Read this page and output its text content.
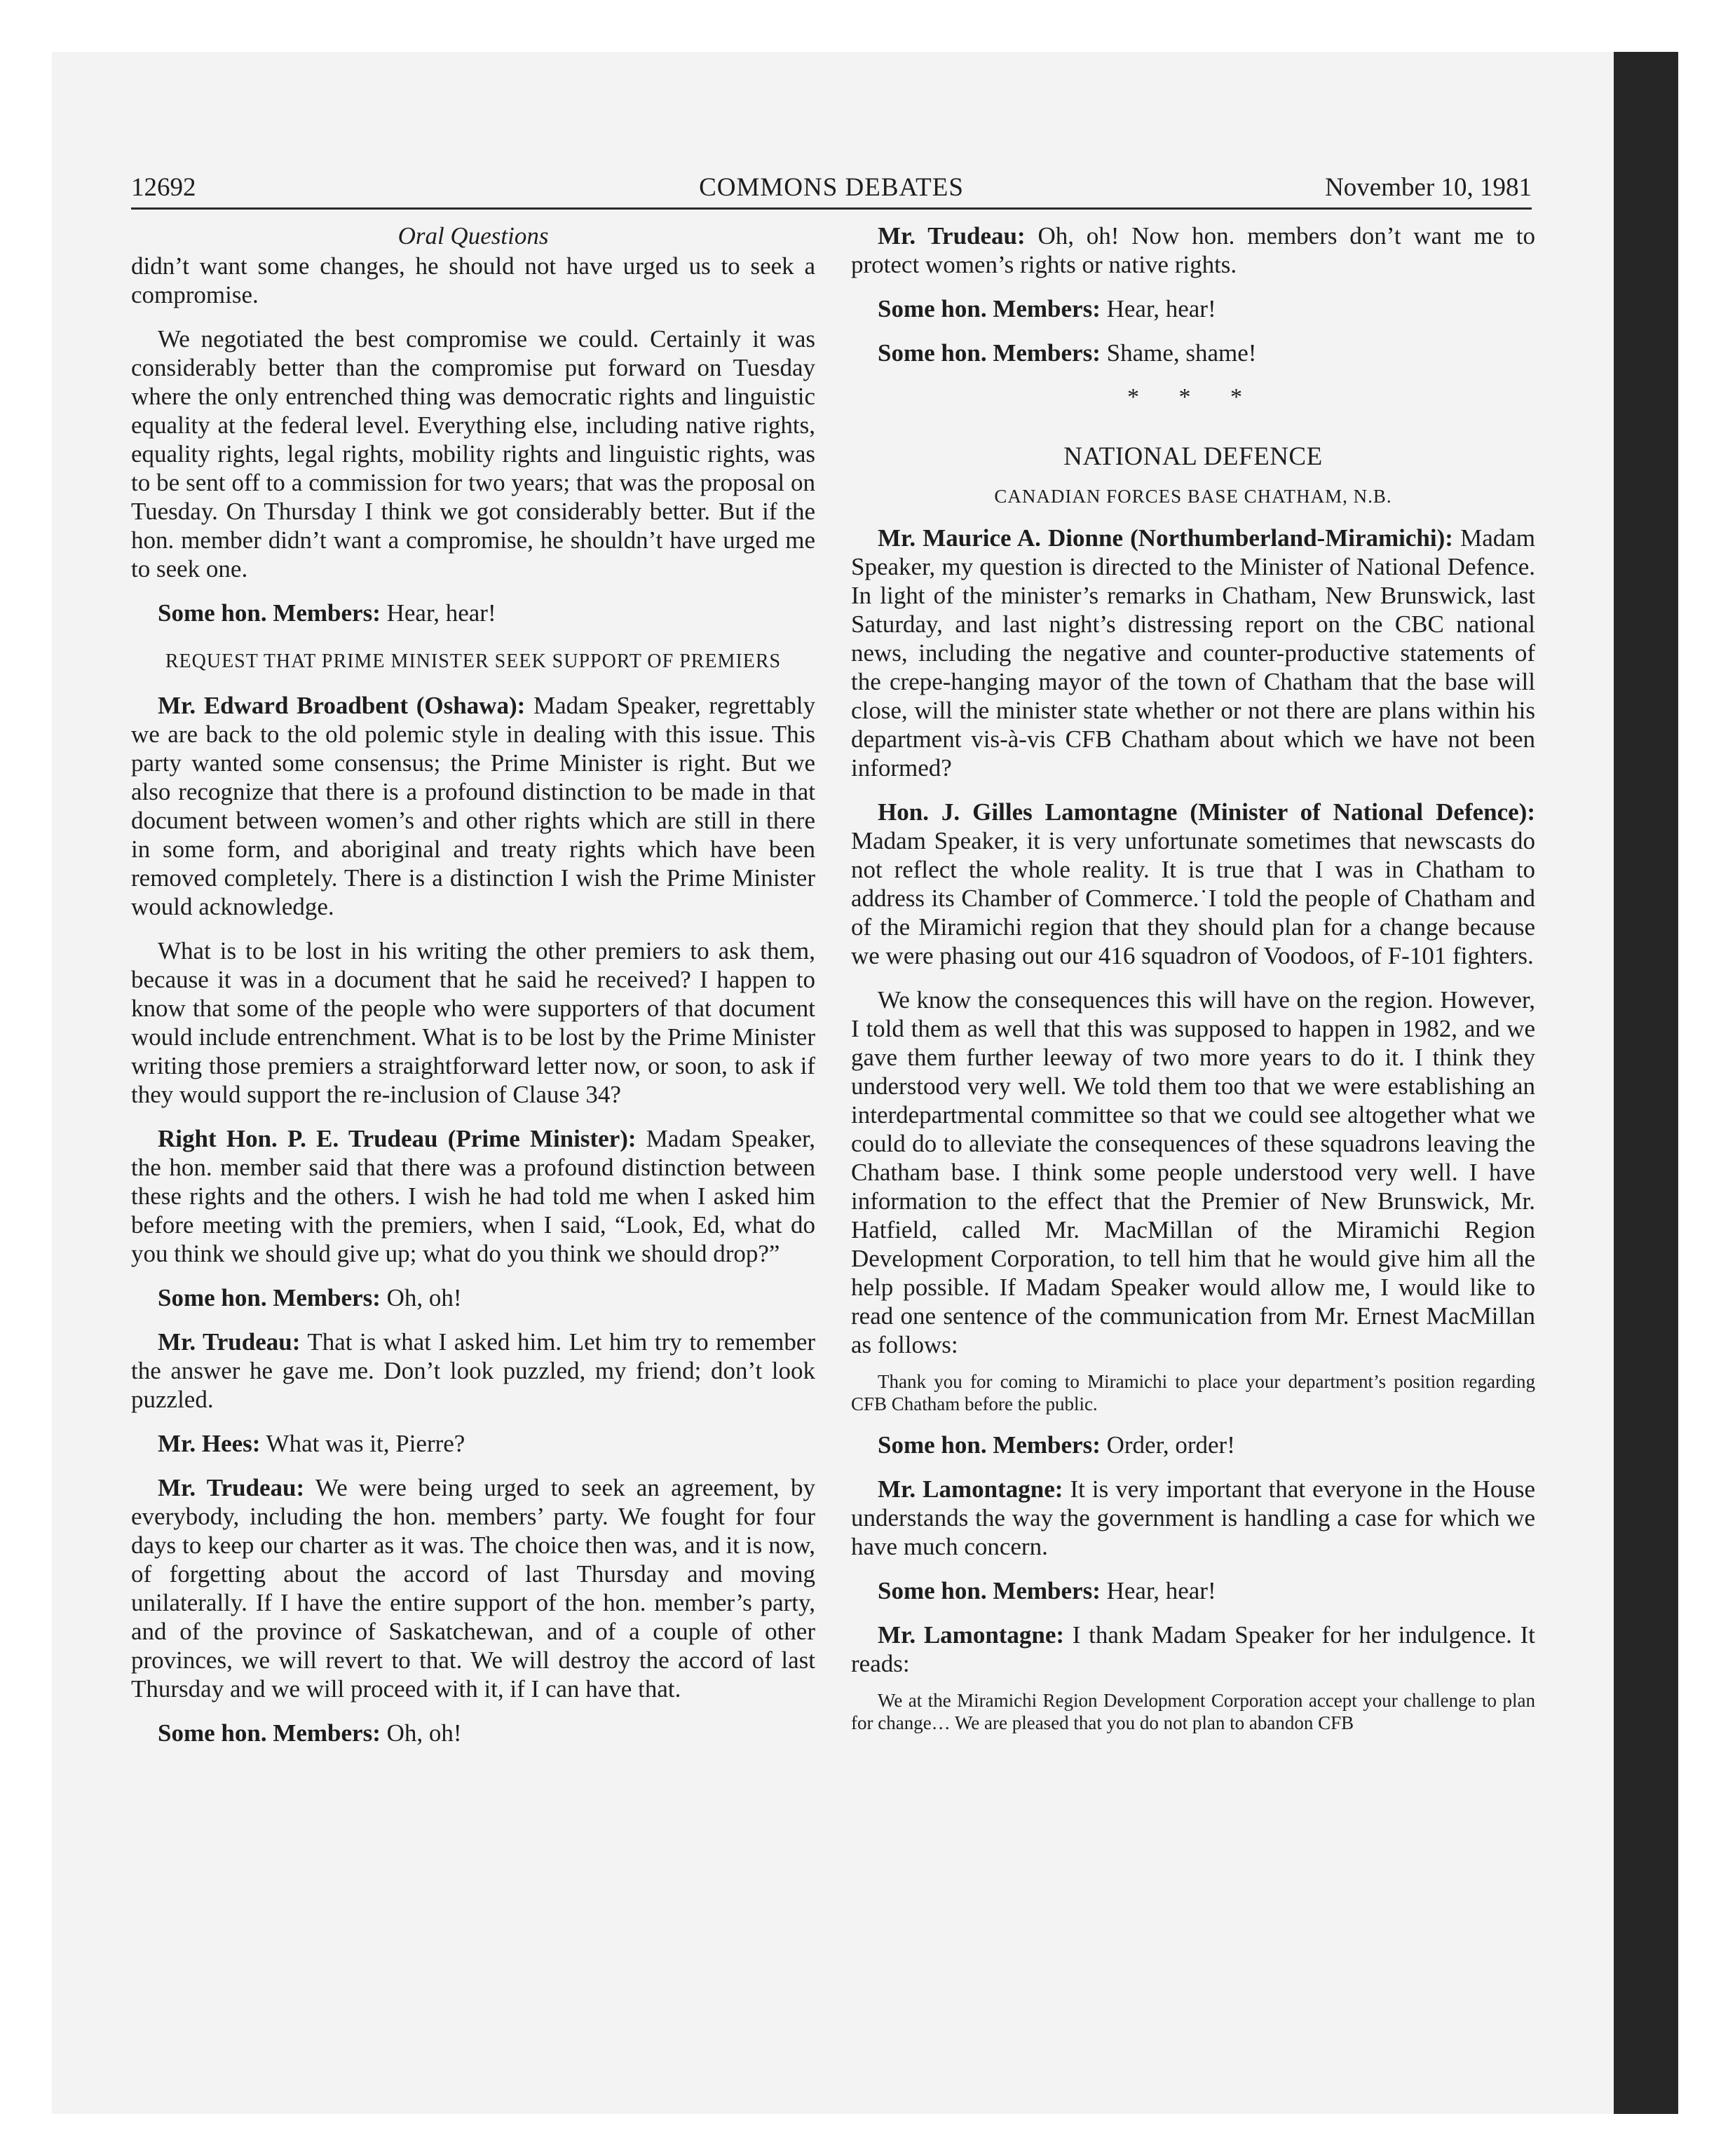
12692	COMMONS DEBATES	November 10, 1981
Oral Questions

didn’t want some changes, he should not have urged us to seek a compromise.

We negotiated the best compromise we could. Certainly it was considerably better than the compromise put forward on Tuesday where the only entrenched thing was democratic rights and linguistic equality at the federal level. Everything else, including native rights, equality rights, legal rights, mobility rights and linguistic rights, was to be sent off to a commission for two years; that was the proposal on Tuesday. On Thursday I think we got considerably better. But if the hon. member didn’t want a compromise, he shouldn’t have urged me to seek one.

Some hon. Members: Hear, hear!

REQUEST THAT PRIME MINISTER SEEK SUPPORT OF PREMIERS

Mr. Edward Broadbent (Oshawa): Madam Speaker, regrettably we are back to the old polemic style in dealing with this issue. This party wanted some consensus; the Prime Minister is right. But we also recognize that there is a profound distinction to be made in that document between women’s and other rights which are still in there in some form, and aboriginal and treaty rights which have been removed completely. There is a distinction I wish the Prime Minister would acknowledge.

What is to be lost in his writing the other premiers to ask them, because it was in a document that he said he received? I happen to know that some of the people who were supporters of that document would include entrenchment. What is to be lost by the Prime Minister writing those premiers a straightforward letter now, or soon, to ask if they would support the re-inclusion of Clause 34?

Right Hon. P. E. Trudeau (Prime Minister): Madam Speaker, the hon. member said that there was a profound distinction between these rights and the others. I wish he had told me when I asked him before meeting with the premiers, when I said, “Look, Ed, what do you think we should give up; what do you think we should drop?”

Some hon. Members: Oh, oh!

Mr. Trudeau: That is what I asked him. Let him try to remember the answer he gave me. Don’t look puzzled, my friend; don’t look puzzled.

Mr. Hees: What was it, Pierre?

Mr. Trudeau: We were being urged to seek an agreement, by everybody, including the hon. members’ party. We fought for four days to keep our charter as it was. The choice then was, and it is now, of forgetting about the accord of last Thursday and moving unilaterally. If I have the entire support of the hon. member’s party, and of the province of Saskatchewan, and of a couple of other provinces, we will revert to that. We will destroy the accord of last Thursday and we will proceed with it, if I can have that.

Some hon. Members: Oh, oh!

Mr. Trudeau: Oh, oh! Now hon. members don’t want me to protect women’s rights or native rights.

Some hon. Members: Hear, hear!

Some hon. Members: Shame, shame!

* * *
NATIONAL DEFENCE
CANADIAN FORCES BASE CHATHAM, N.B.

Mr. Maurice A. Dionne (Northumberland-Miramichi): Madam Speaker, my question is directed to the Minister of National Defence. In light of the minister’s remarks in Chatham, New Brunswick, last Saturday, and last night’s distressing report on the CBC national news, including the negative and counter-productive statements of the crepe-hanging mayor of the town of Chatham that the base will close, will the minister state whether or not there are plans within his department vis-à-vis CFB Chatham about which we have not been informed?

Hon. J. Gilles Lamontagne (Minister of National Defence): Madam Speaker, it is very unfortunate sometimes that newscasts do not reflect the whole reality. It is true that I was in Chatham to address its Chamber of Commerce.˙I told the people of Chatham and of the Miramichi region that they should plan for a change because we were phasing out our 416 squadron of Voodoos, of F-101 fighters.

We know the consequences this will have on the region. However, I told them as well that this was supposed to happen in 1982, and we gave them further leeway of two more years to do it. I think they understood very well. We told them too that we were establishing an interdepartmental committee so that we could see altogether what we could do to alleviate the consequences of these squadrons leaving the Chatham base. I think some people understood very well. I have information to the effect that the Premier of New Brunswick, Mr. Hatfield, called Mr. MacMillan of the Miramichi Region Development Corporation, to tell him that he would give him all the help possible. If Madam Speaker would allow me, I would like to read one sentence of the communication from Mr. Ernest MacMillan as follows:

Thank you for coming to Miramichi to place your department’s position regarding CFB Chatham before the public.

Some hon. Members: Order, order!

Mr. Lamontagne: It is very important that everyone in the House understands the way the government is handling a case for which we have much concern.

Some hon. Members: Hear, hear!

Mr. Lamontagne: I thank Madam Speaker for her indulgence. It reads:

We at the Miramichi Region Development Corporation accept your challenge to plan for change… We are pleased that you do not plan to abandon CFB
